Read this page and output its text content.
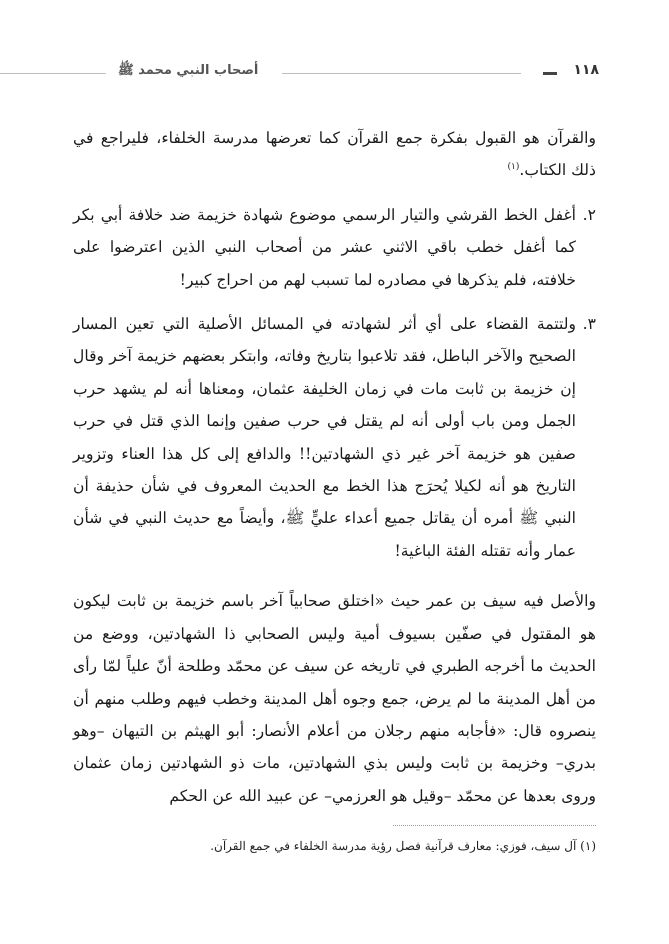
١١٨
أصحاب النبي محمد ﷺ

والقرآن هو القبول بفكرة جمع القرآن كما تعرضها مدرسة الخلفاء، فليراجع في ذلك الكتاب.$^{(١)}$

٢.
أغفل الخط القرشي والتيار الرسمي موضوع شهادة خزيمة ضد خلافة أبي بكر كما أغفل خطب باقي الاثني عشر من أصحاب النبي الذين اعترضوا على خلافته، فلم يذكرها في مصادره لما تسبب لهم من احراج كبير!

٣.
ولتتمة القضاء على أي أثر لشهادته في المسائل الأصلية التي تعين المسار الصحيح والآخر الباطل، فقد تلاعبوا بتاريخ وفاته، وابتكر بعضهم خزيمة آخر وقال إن خزيمة بن ثابت مات في زمان الخليفة عثمان، ومعناها أنه لم يشهد حرب الجمل ومن باب أولى أنه لم يقتل في حرب صفين وإنما الذي قتل في حرب صفين هو خزيمة آخر غير ذي الشهادتين!! والدافع إلى كل هذا العناء وتزوير التاريخ هو أنه لكيلا يُحرَج هذا الخط مع الحديث المعروف في شأن حذيفة أن النبي ﷺ أمره أن يقاتل جميع أعداء عليٍّ ﷺ، وأيضاً مع حديث النبي في شأن عمار وأنه تقتله الفئة الباغية!

والأصل فيه سيف بن عمر حيث «اختلق صحابياً آخر باسم خزيمة بن ثابت ليكون هو المقتول في صفّين بسيوف أمية وليس الصحابي ذا الشهادتين، ووضع من الحديث ما أخرجه الطبري في تاريخه عن سيف عن محمّد وطلحة أنّ علياً لمّا رأى من أهل المدينة ما لم يرض، جمع وجوه أهل المدينة وخطب فيهم وطلب منهم أن ينصروه قال: «فأجابه منهم رجلان من أعلام الأنصار: أبو الهيثم بن التيهان –وهو بدري– وخزيمة بن ثابت وليس بذي الشهادتين، مات ذو الشهادتين زمان عثمان وروى بعدها عن محمّد –وقيل هو العرزمي– عن عبيد الله عن الحكم

(١) آل سيف، فوزي: معارف قرآنية فصل رؤية مدرسة الخلفاء في جمع القرآن.
